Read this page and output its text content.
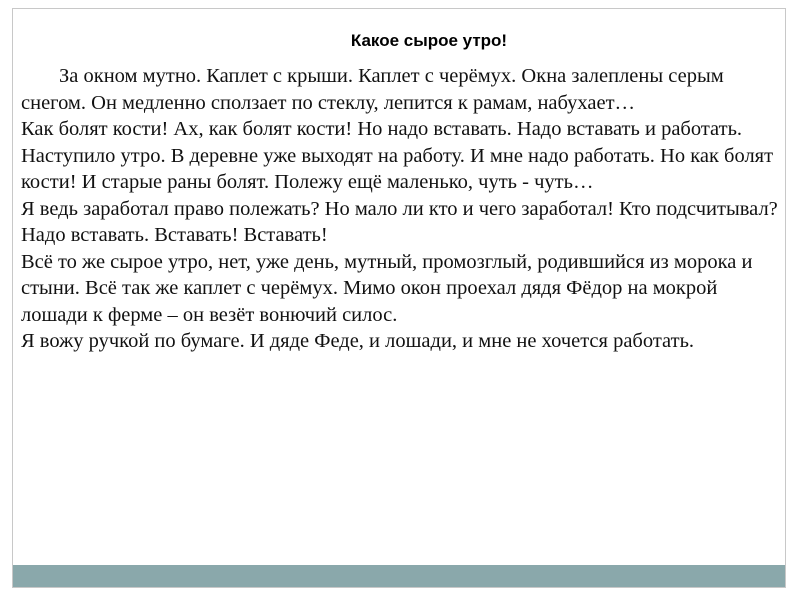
Какое сырое утро!

За окном мутно. Каплет с крыши. Каплет с черёмух. Окна залеплены серым снегом. Он медленно сползает по стеклу, лепится к рамам, набухает…

Как болят кости! Ах, как болят кости! Но надо вставать. Надо вставать и работать.

Наступило утро. В деревне уже выходят на работу. И мне надо работать. Но как болят кости! И старые раны болят. Полежу ещё маленько, чуть - чуть…

Я ведь заработал право полежать? Но мало ли кто и чего заработал! Кто подсчитывал? Надо вставать. Вставать! Вставать!

Всё то же сырое утро, нет, уже день, мутный, промозглый, родившийся из морока и стыни. Всё так же каплет с черёмух. Мимо окон проехал дядя Фёдор на мокрой лошади к ферме – он везёт вонючий силос.

Я вожу ручкой по бумаге. И дяде Феде, и лошади, и мне не хочется работать.
